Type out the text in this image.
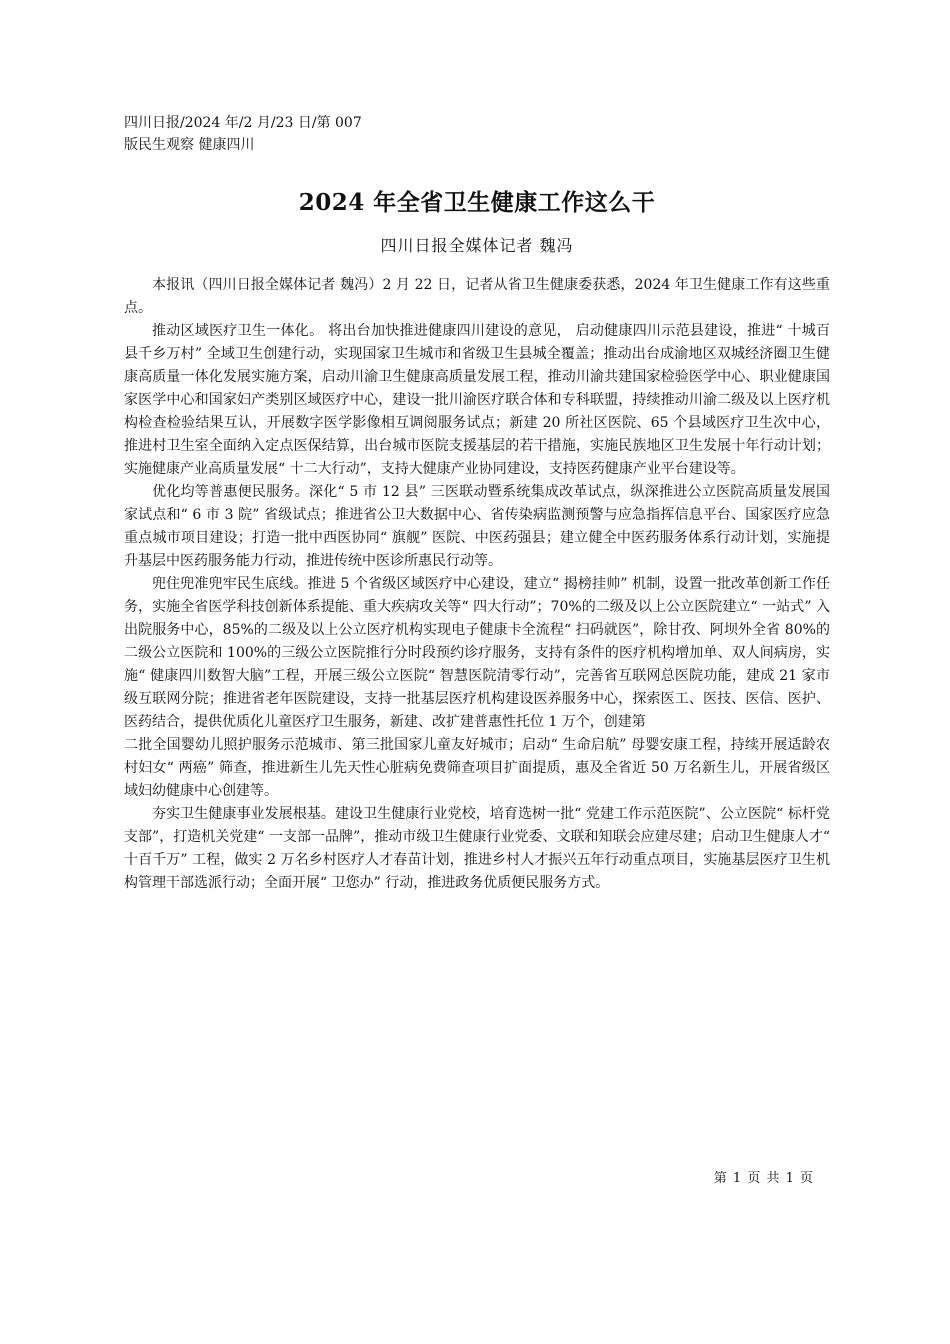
四川日报/2024 年/2 月/23 日/第 007

版民生观察 健康四川

2024 年全省卫生健康工作这么干
四川日报全媒体记者 魏冯

本报讯（四川日报全媒体记者 魏冯）2 月 22 日，记者从省卫生健康委获悉，2024 年卫生健康工作有这些重点。

推动区域医疗卫生一体化。 将出台加快推进健康四川建设的意见， 启动健康四川示范县建设，推进“ 十城百县千乡万村” 全域卫生创建行动，实现国家卫生城市和省级卫生县城全覆盖；推动出台成渝地区双城经济圈卫生健康高质量一体化发展实施方案，启动川渝卫生健康高质量发展工程，推动川渝共建国家检验医学中心、职业健康国家医学中心和国家妇产类别区域医疗中心，建设一批川渝医疗联合体和专科联盟，持续推动川渝二级及以上医疗机构检查检验结果互认，开展数字医学影像相互调阅服务试点；新建 20 所社区医院、65 个县域医疗卫生次中心，推进村卫生室全面纳入定点医保结算，出台城市医院支援基层的若干措施，实施民族地区卫生发展十年行动计划；实施健康产业高质量发展“ 十二大行动”，支持大健康产业协同建设，支持医药健康产业平台建设等。

优化均等普惠便民服务。深化“ 5 市 12 县” 三医联动暨系统集成改革试点，纵深推进公立医院高质量发展国家试点和“ 6 市 3 院” 省级试点；推进省公卫大数据中心、省传染病监测预警与应急指挥信息平台、国家医疗应急重点城市项目建设；打造一批中西医协同“ 旗舰” 医院、中医药强县；建立健全中医药服务体系行动计划，实施提升基层中医药服务能力行动，推进传统中医诊所惠民行动等。

兜住兜准兜牢民生底线。推进 5 个省级区域医疗中心建设，建立“ 揭榜挂帅” 机制，设置一批改革创新工作任务，实施全省医学科技创新体系提能、重大疾病攻关等“ 四大行动”；70%的二级及以上公立医院建立“ 一站式” 入出院服务中心，85%的二级及以上公立医疗机构实现电子健康卡全流程“ 扫码就医”，除甘孜、阿坝外全省 80%的二级公立医院和 100%的三级公立医院推行分时段预约诊疗服务，支持有条件的医疗机构增加单、双人间病房，实施“ 健康四川数智大脑”工程，开展三级公立医院“ 智慧医院清零行动”，完善省互联网总医院功能，建成 21 家市级互联网分院；推进省老年医院建设，支持一批基层医疗机构建设医养服务中心，探索医工、医技、医信、医护、医药结合，提供优质化儿童医疗卫生服务，新建、改扩建普惠性托位 1 万个，创建第

二批全国婴幼儿照护服务示范城市、第三批国家儿童友好城市；启动“ 生命启航” 母婴安康工程，持续开展适龄农村妇女“ 两癌” 筛查，推进新生儿先天性心脏病免费筛查项目扩面提质，惠及全省近 50 万名新生儿，开展省级区域妇幼健康中心创建等。

夯实卫生健康事业发展根基。建设卫生健康行业党校，培育选树一批“ 党建工作示范医院”、公立医院“ 标杆党支部”，打造机关党建“ 一支部一品牌”，推动市级卫生健康行业党委、文联和知联会应建尽建；启动卫生健康人才“ 十百千万” 工程，做实 2 万名乡村医疗人才春苗计划，推进乡村人才振兴五年行动重点项目，实施基层医疗卫生机构管理干部选派行动；全面开展“ 卫您办” 行动，推进政务优质便民服务方式。

第 1 页 共 1 页
